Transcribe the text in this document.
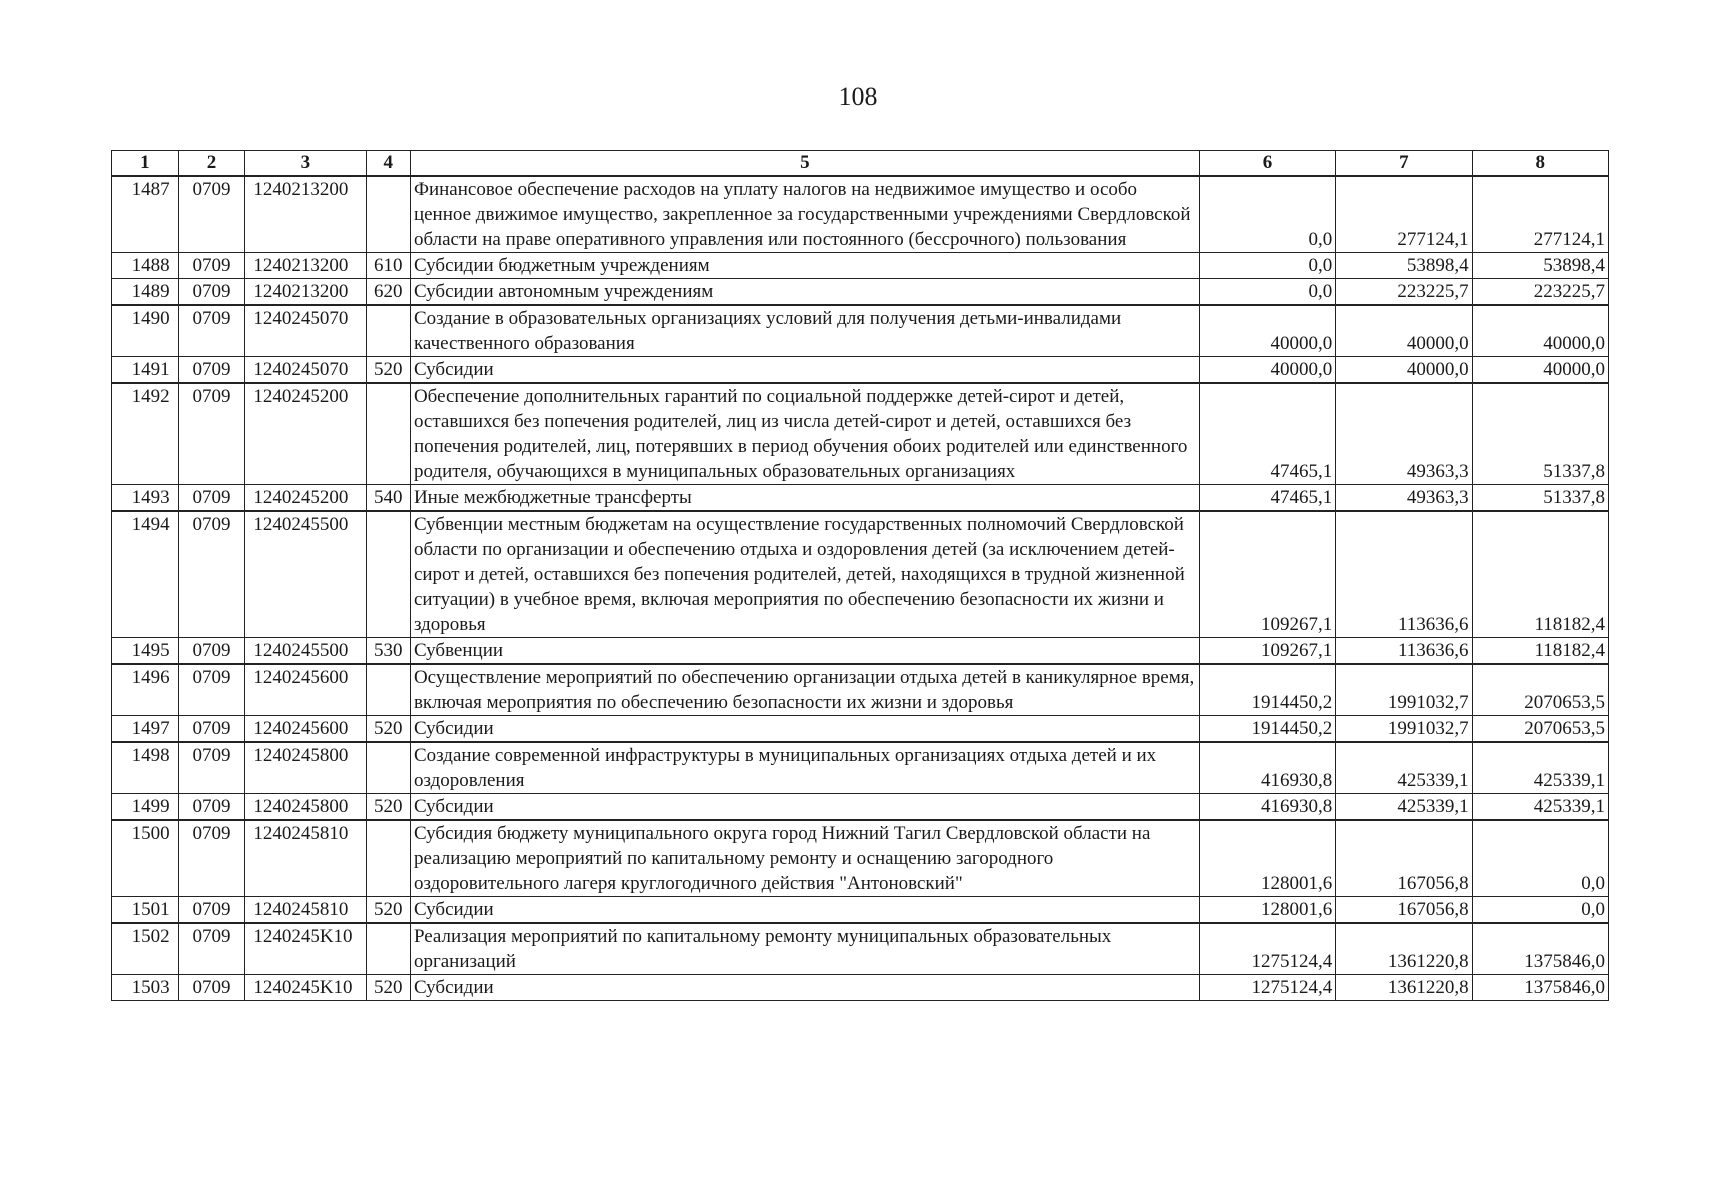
108
1	2	3	4	5	6	7	8
1487	0709	1240213200		Финансовое обеспечение расходов на уплату налогов на недвижимое имущество и особо ценное движимое имущество, закрепленное за государственными учреждениями Свердловской области на праве оперативного управления или постоянного (бессрочного) пользования	0,0	277124,1	277124,1
1488	0709	1240213200	610	Субсидии бюджетным учреждениям	0,0	53898,4	53898,4
1489	0709	1240213200	620	Субсидии автономным учреждениям	0,0	223225,7	223225,7
1490	0709	1240245070		Создание в образовательных организациях условий для получения детьми-инвалидами качественного образования	40000,0	40000,0	40000,0
1491	0709	1240245070	520	Субсидии	40000,0	40000,0	40000,0
1492	0709	1240245200		Обеспечение дополнительных гарантий по социальной поддержке детей-сирот и детей, оставшихся без попечения родителей, лиц из числа детей-сирот и детей, оставшихся без попечения родителей, лиц, потерявших в период обучения обоих родителей или единственного родителя, обучающихся в муниципальных образовательных организациях	47465,1	49363,3	51337,8
1493	0709	1240245200	540	Иные межбюджетные трансферты	47465,1	49363,3	51337,8
1494	0709	1240245500		Субвенции местным бюджетам на осуществление государственных полномочий Свердловской области по организации и обеспечению отдыха и оздоровления детей (за исключением детей-сирот и детей, оставшихся без попечения родителей, детей, находящихся в трудной жизненной ситуации) в учебное время, включая мероприятия по обеспечению безопасности их жизни и здоровья	109267,1	113636,6	118182,4
1495	0709	1240245500	530	Субвенции	109267,1	113636,6	118182,4
1496	0709	1240245600		Осуществление мероприятий по обеспечению организации отдыха детей в каникулярное время, включая мероприятия по обеспечению безопасности их жизни и здоровья	1914450,2	1991032,7	2070653,5
1497	0709	1240245600	520	Субсидии	1914450,2	1991032,7	2070653,5
1498	0709	1240245800		Создание современной инфраструктуры в муниципальных организациях отдыха детей и их оздоровления	416930,8	425339,1	425339,1
1499	0709	1240245800	520	Субсидии	416930,8	425339,1	425339,1
1500	0709	1240245810		Субсидия бюджету муниципального округа город Нижний Тагил Свердловской области на реализацию мероприятий по капитальному ремонту и оснащению загородного оздоровительного лагеря круглогодичного действия "Антоновский"	128001,6	167056,8	0,0
1501	0709	1240245810	520	Субсидии	128001,6	167056,8	0,0
1502	0709	1240245K10		Реализация мероприятий по капитальному ремонту муниципальных образовательных организаций	1275124,4	1361220,8	1375846,0
1503	0709	1240245K10	520	Субсидии	1275124,4	1361220,8	1375846,0
